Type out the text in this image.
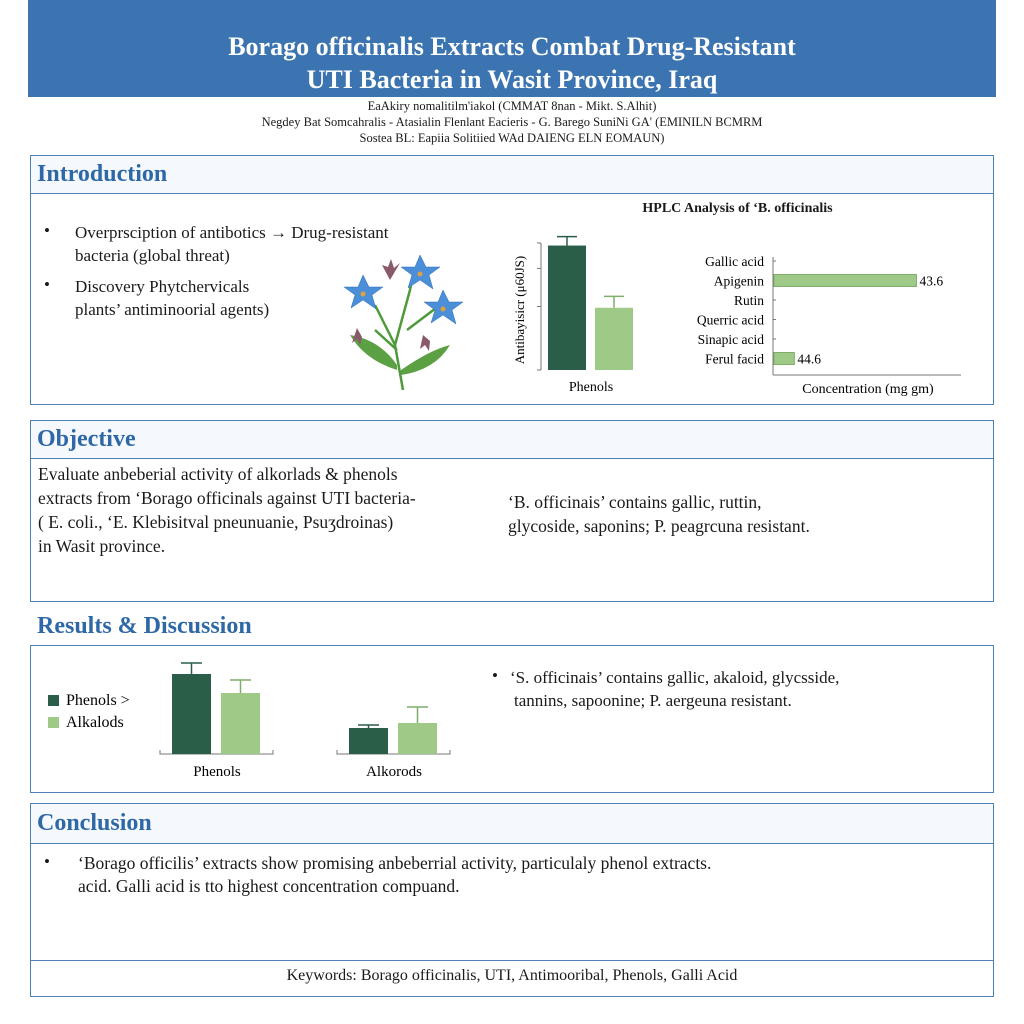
Borago officinalis Extracts Combat Drug-Resistant
UTI Bacteria in Wasit Province, Iraq
EaAkiry nomalitilm'iakol (CMMAT 8nan - Mikt. S.Alhit)
Negdey Bat Somcahralis - Atasialin Flenlant Eacieris - G. Barego SuniNi GA' (EMINILN BCMRM
Sostea BL: Eapiia Solitiied WAd DAIENG ELN EOMAUN)
Introduction
• Overprsciption of antibotics → Drug-resistant
bacteria (global threat)
• Discovery Phytchervicals
plants’ antiminoorial agents)
HPLC Analysis of ‘B. officinalis
Phenols
Antibayisicr (μ60JS)	Galliс acid
Apigenin	43.6
Rutin
Querric acid
Sinapic acid
Ferul facid 44.6
Concentration (mg gm)
Objective
Evaluate anbeberial activity of alkorlads & phenols
extracts from ‘Borago officinals against UTI bacteria-
( E. coli., ‘E. Klebisitval pneunuanie, Psuʒdroinas)
in Wasit province.
‘B. officinais’ contains gallic, ruttin,
glycoside, saponins; P. peagrcuna resistant.
Results & Discussion
Phenols >
Alkalods
Phenols	Alkorods
• ‘S. officinais’ contains gallic, akaloid, glycsside,
tannins, sapoonine; P. aergeuna resistant.
Conclusion
• ‘Borago officilis’ extracts show promising anbeberrial activity, particulaly phenol extracts.
acid. Galli acid is tto highest concentration compuand.
Keywords: Borago officinalis, UTI, Antimooribal, Phenols, Galli Acid
